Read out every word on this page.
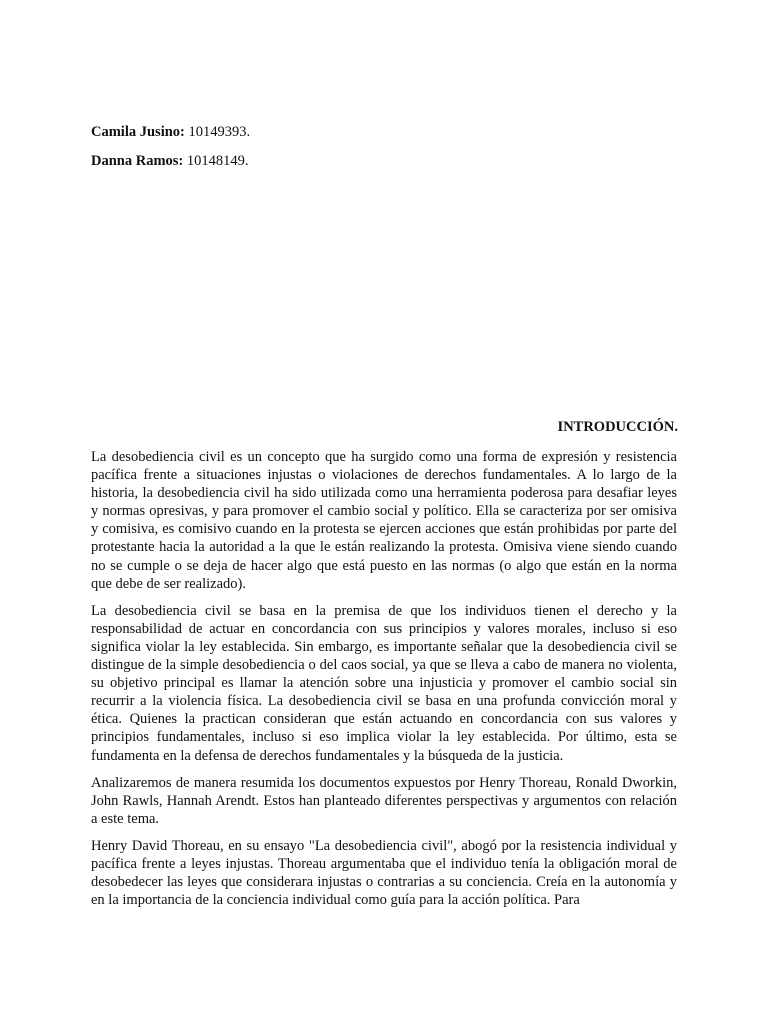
Camila Jusino: 10149393.
Danna Ramos: 10148149.
INTRODUCCIÓN.

La desobediencia civil es un concepto que ha surgido como una forma de expresión y resistencia pacífica frente a situaciones injustas o violaciones de derechos fundamentales. A lo largo de la historia, la desobediencia civil ha sido utilizada como una herramienta poderosa para desafiar leyes y normas opresivas, y para promover el cambio social y político. Ella se caracteriza por ser omisiva y comisiva, es comisivo cuando en la protesta se ejercen acciones que están prohibidas por parte del protestante hacia la autoridad a la que le están realizando la protesta. Omisiva viene siendo cuando no se cumple o se deja de hacer algo que está puesto en las normas (o algo que están en la norma que debe de ser realizado).

La desobediencia civil se basa en la premisa de que los individuos tienen el derecho y la responsabilidad de actuar en concordancia con sus principios y valores morales, incluso si eso significa violar la ley establecida. Sin embargo, es importante señalar que la desobediencia civil se distingue de la simple desobediencia o del caos social, ya que se lleva a cabo de manera no violenta, su objetivo principal es llamar la atención sobre una injusticia y promover el cambio social sin recurrir a la violencia física. La desobediencia civil se basa en una profunda convicción moral y ética. Quienes la practican consideran que están actuando en concordancia con sus valores y principios fundamentales, incluso si eso implica violar la ley establecida. Por último, esta se fundamenta en la defensa de derechos fundamentales y la búsqueda de la justicia.

Analizaremos de manera resumida los documentos expuestos por Henry Thoreau, Ronald Dworkin, John Rawls, Hannah Arendt. Estos han planteado diferentes perspectivas y argumentos con relación a este tema.

Henry David Thoreau, en su ensayo "La desobediencia civil", abogó por la resistencia individual y pacífica frente a leyes injustas. Thoreau argumentaba que el individuo tenía la obligación moral de desobedecer las leyes que considerara injustas o contrarias a su conciencia. Creía en la autonomía y en la importancia de la conciencia individual como guía para la acción política. Para
